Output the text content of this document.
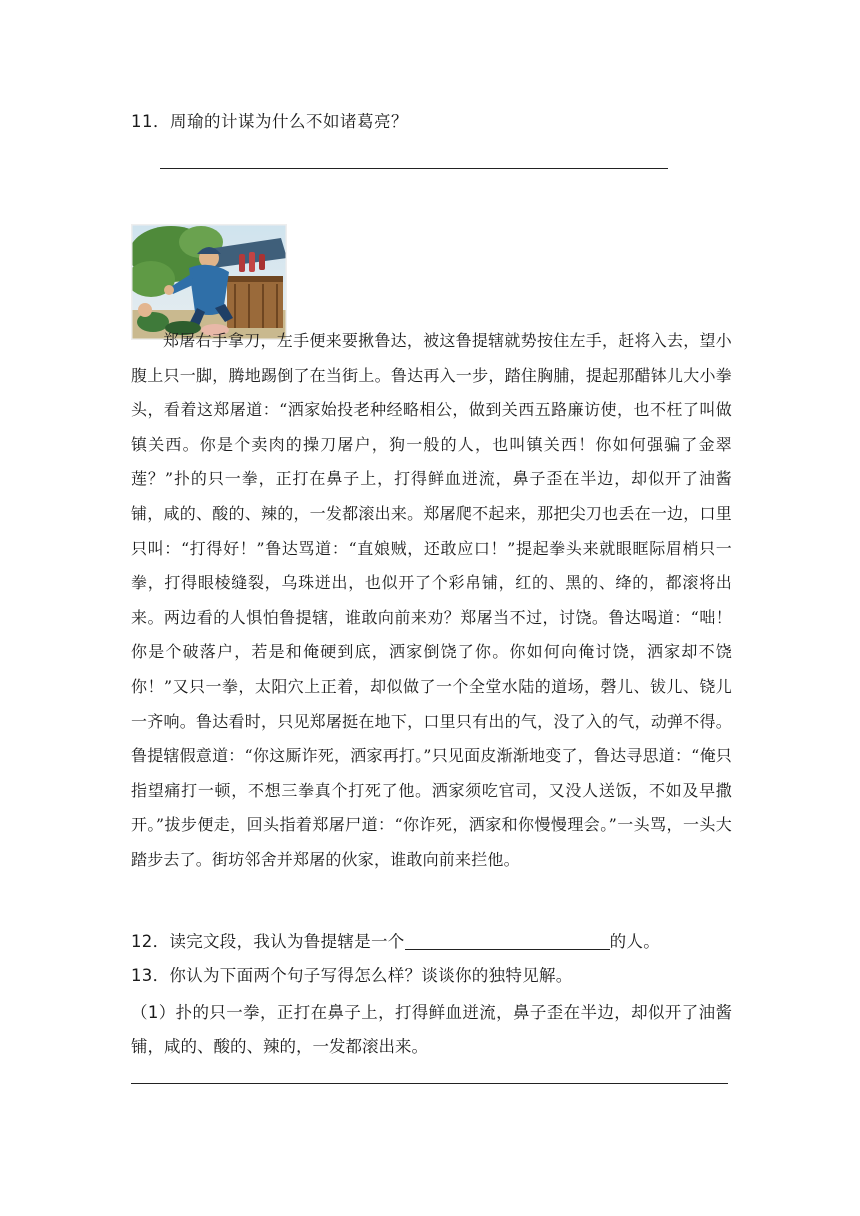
11．周瑜的计谋为什么不如诸葛亮？
郑屠右手拿刀，左手便来要揪鲁达，被这鲁提辖就势按住左手，赶将入去，望小腹上只一脚，腾地踢倒了在当街上。鲁达再入一步，踏住胸脯，提起那醋钵儿大小拳头，看着这郑屠道：“洒家始投老种经略相公，做到关西五路廉访使，也不枉了叫做镇关西。你是个卖肉的操刀屠户，狗一般的人，也叫镇关西！你如何强骗了金翠莲？”扑的只一拳，正打在鼻子上，打得鲜血迸流，鼻子歪在半边，却似开了油酱铺，咸的、酸的、辣的，一发都滚出来。郑屠爬不起来，那把尖刀也丢在一边，口里只叫：“打得好！”鲁达骂道：“直娘贼，还敢应口！”提起拳头来就眼眶际眉梢只一拳，打得眼棱缝裂，乌珠迸出，也似开了个彩帛铺，红的、黑的、绛的，都滚将出来。两边看的人惧怕鲁提辖，谁敢向前来劝？郑屠当不过，讨饶。鲁达喝道：“咄！你是个破落户，若是和俺硬到底，洒家倒饶了你。你如何向俺讨饶，洒家却不饶你！”又只一拳，太阳穴上正着，却似做了一个全堂水陆的道场，磬儿、钹儿、铙儿一齐响。鲁达看时，只见郑屠挺在地下，口里只有出的气，没了入的气，动弹不得。鲁提辖假意道：“你这厮诈死，洒家再打。”只见面皮渐渐地变了，鲁达寻思道：“俺只指望痛打一顿，不想三拳真个打死了他。洒家须吃官司，又没人送饭，不如及早撒开。”拔步便走，回头指着郑屠尸道：“你诈死，洒家和你慢慢理会。”一头骂，一头大踏步去了。街坊邻舍并郑屠的伙家，谁敢向前来拦他。
12．读完文段，我认为鲁提辖是一个	的人。
13．你认为下面两个句子写得怎么样？谈谈你的独特见解。
（1）扑的只一拳，正打在鼻子上，打得鲜血迸流，鼻子歪在半边，却似开了油酱铺，咸的、酸的、辣的，一发都滚出来。
